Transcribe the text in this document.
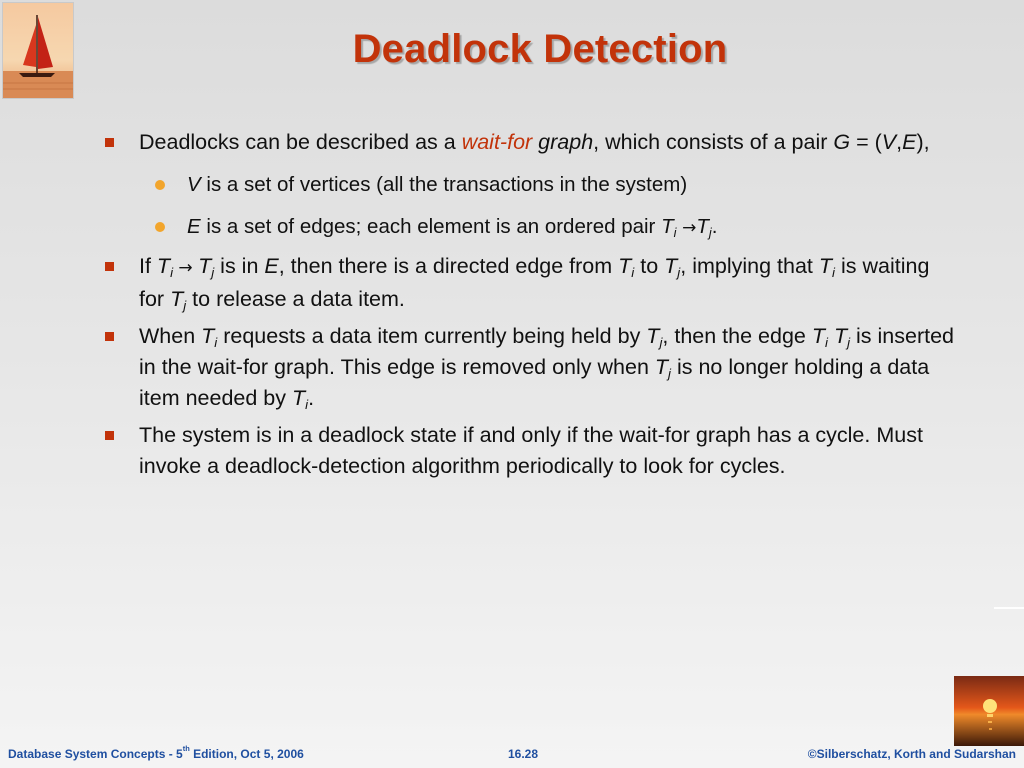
Deadlock Detection
Deadlocks can be described as a wait-for graph, which consists of a pair G = (V,E),
V is a set of vertices (all the transactions in the system)
E is a set of edges; each element is an ordered pair $T_i \to T_j$.
If $T_i \to T_j$ is in E, then there is a directed edge from $T_i$ to $T_j$, implying that $T_i$ is waiting for $T_j$ to release a data item.
When $T_i$ requests a data item currently being held by $T_j$, then the edge $T_i$ $T_j$ is inserted in the wait-for graph. This edge is removed only when $T_j$ is no longer holding a data item needed by $T_i$.
The system is in a deadlock state if and only if the wait-for graph has a cycle. Must invoke a deadlock-detection algorithm periodically to look for cycles.
Database System Concepts - 5th Edition, Oct 5, 2006	16.28	©Silberschatz, Korth and Sudarshan
